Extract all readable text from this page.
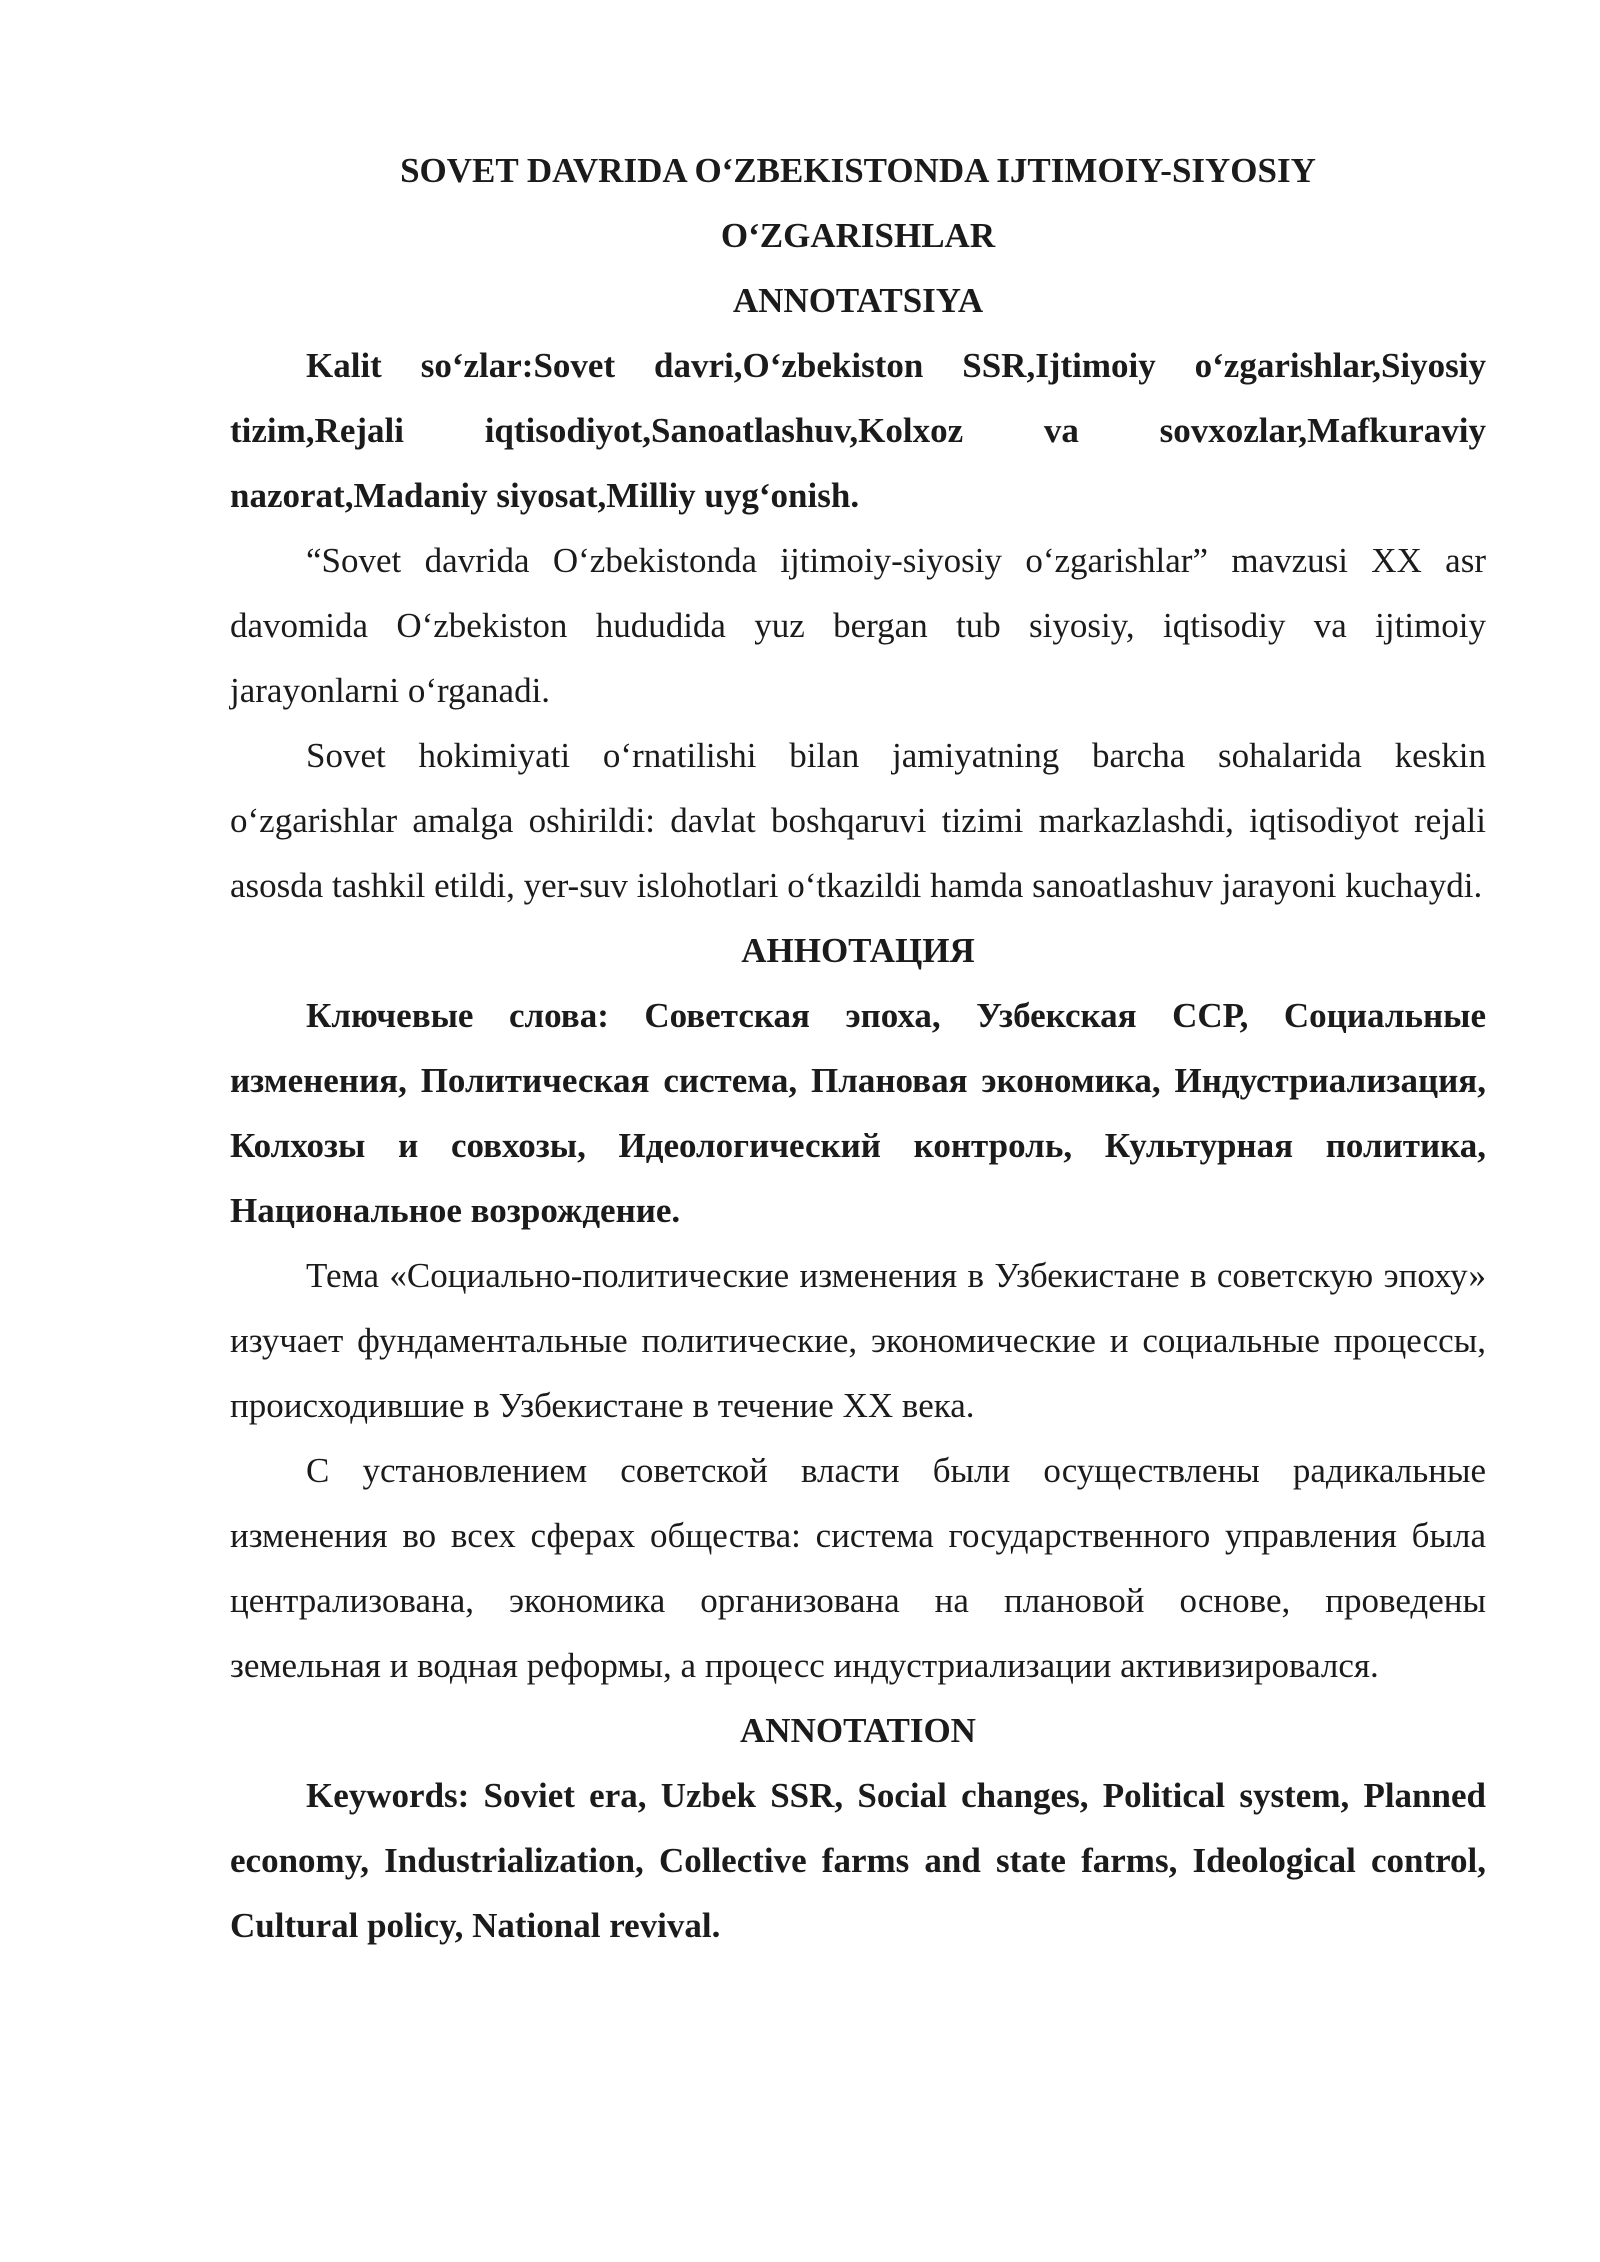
SOVET DAVRIDA O‘ZBEKISTONDA IJTIMOIY-SIYOSIY
O‘ZGARISHLAR
ANNOTATSIYA

Kalit so‘zlar:Sovet davri,O‘zbekiston SSR,Ijtimoiy o‘zgarishlar,Siyosiy tizim,Rejali iqtisodiyot,Sanoatlashuv,Kolxoz va sovxozlar,Mafkuraviy nazorat,Madaniy siyosat,Milliy uyg‘onish.

“Sovet davrida O‘zbekistonda ijtimoiy-siyosiy o‘zgarishlar” mavzusi XX asr davomida O‘zbekiston hududida yuz bergan tub siyosiy, iqtisodiy va ijtimoiy jarayonlarni o‘rganadi.

Sovet hokimiyati o‘rnatilishi bilan jamiyatning barcha sohalarida keskin o‘zgarishlar amalga oshirildi: davlat boshqaruvi tizimi markazlashdi, iqtisodiyot rejali asosda tashkil etildi, yer-suv islohotlari o‘tkazildi hamda sanoatlashuv jarayoni kuchaydi.

АННОТАЦИЯ

Ключевые слова: Советская эпоха, Узбекская ССР, Социальные изменения, Политическая система, Плановая экономика, Индустриализация, Колхозы и совхозы, Идеологический контроль, Культурная политика, Национальное возрождение.

Тема «Социально-политические изменения в Узбекистане в советскую эпоху» изучает фундаментальные политические, экономические и социальные процессы, происходившие в Узбекистане в течение XX века.

С установлением советской власти были осуществлены радикальные изменения во всех сферах общества: система государственного управления была централизована, экономика организована на плановой основе, проведены земельная и водная реформы, а процесс индустриализации активизировался.

ANNOTATION

Keywords: Soviet era, Uzbek SSR, Social changes, Political system, Planned economy, Industrialization, Collective farms and state farms, Ideological control, Cultural policy, National revival.
